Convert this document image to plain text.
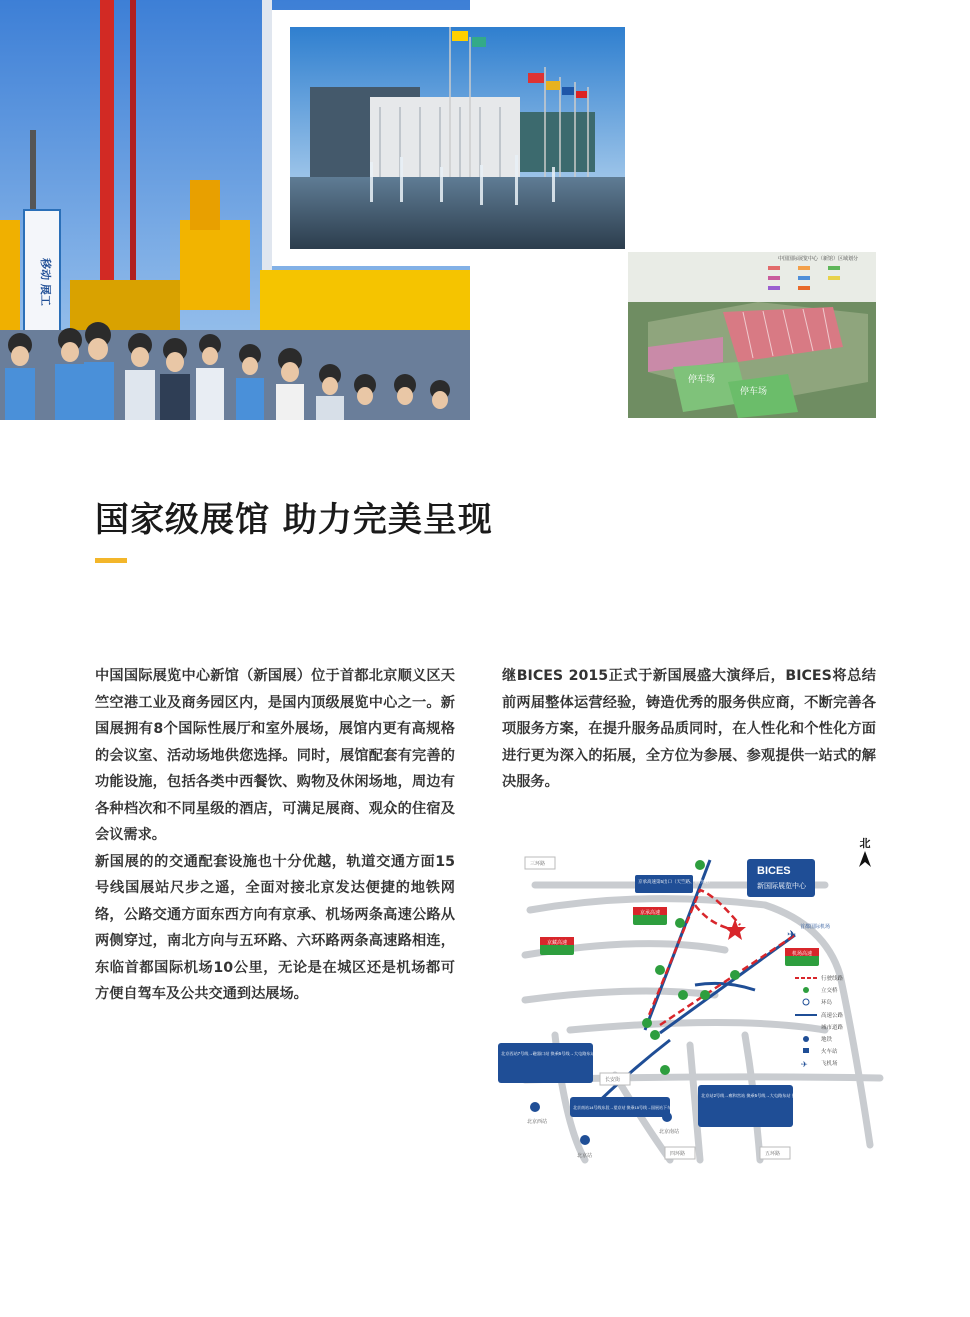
移动 展工	中国国际展览中心（新馆）区域划分
停车场
停车场
国家级展馆 助力完美呈现

中国国际展览中心新馆（新国展）位于首都北京顺义区天竺空港工业及商务园区内，是国内顶级展览中心之一。新国展拥有8个国际性展厅和室外展场，展馆内更有高规格的会议室、活动场地供您选择。同时，展馆配套有完善的功能设施，包括各类中西餐饮、购物及休闲场地，周边有各种档次和不同星级的酒店，可满足展商、观众的住宿及会议需求。

新国展的的交通配套设施也十分优越，轨道交通方面15号线国展站尺步之遥，全面对接北京发达便捷的地铁网络，公路交通方面东西方向有京承、机场两条高速公路从两侧穿过，南北方向与五环路、六环路两条高速路相连，东临首都国际机场10公里，无论是在城区还是机场都可方便自驾车及公共交通到达展场。

继BICES 2015正式于新国展盛大演绎后，BICES将总结前两届整体运营经验，铸造优秀的服务供应商，不断完善各项服务方案，在提升服务品质同时，在人性化和个性化方面进行更为深入的拓展，全方位为参展、参观提供一站式的解决服务。

北
BICES
新国际展览中心
✈
首都国际机场
京承高速
京藏高速
机场高速
京承高速第5出口（天竺路、前沙峪）
行驶线路
立交桥
环岛
高速公路
城市道路
地铁
火车站
✈ 飞机场
北京西站7号线→磁器口站 换乘5号线→大屯路东站 换乘15号线→国展站下车
北京南站14号线东段→望京站 换乘15号线→国展站下车
北京站2号线→雍和宫站 换乘5号线→大屯路东站 换乘15号线→国展站下车
长安街
三环路
四环路	五环路
北京西站
北京站
北京南站
